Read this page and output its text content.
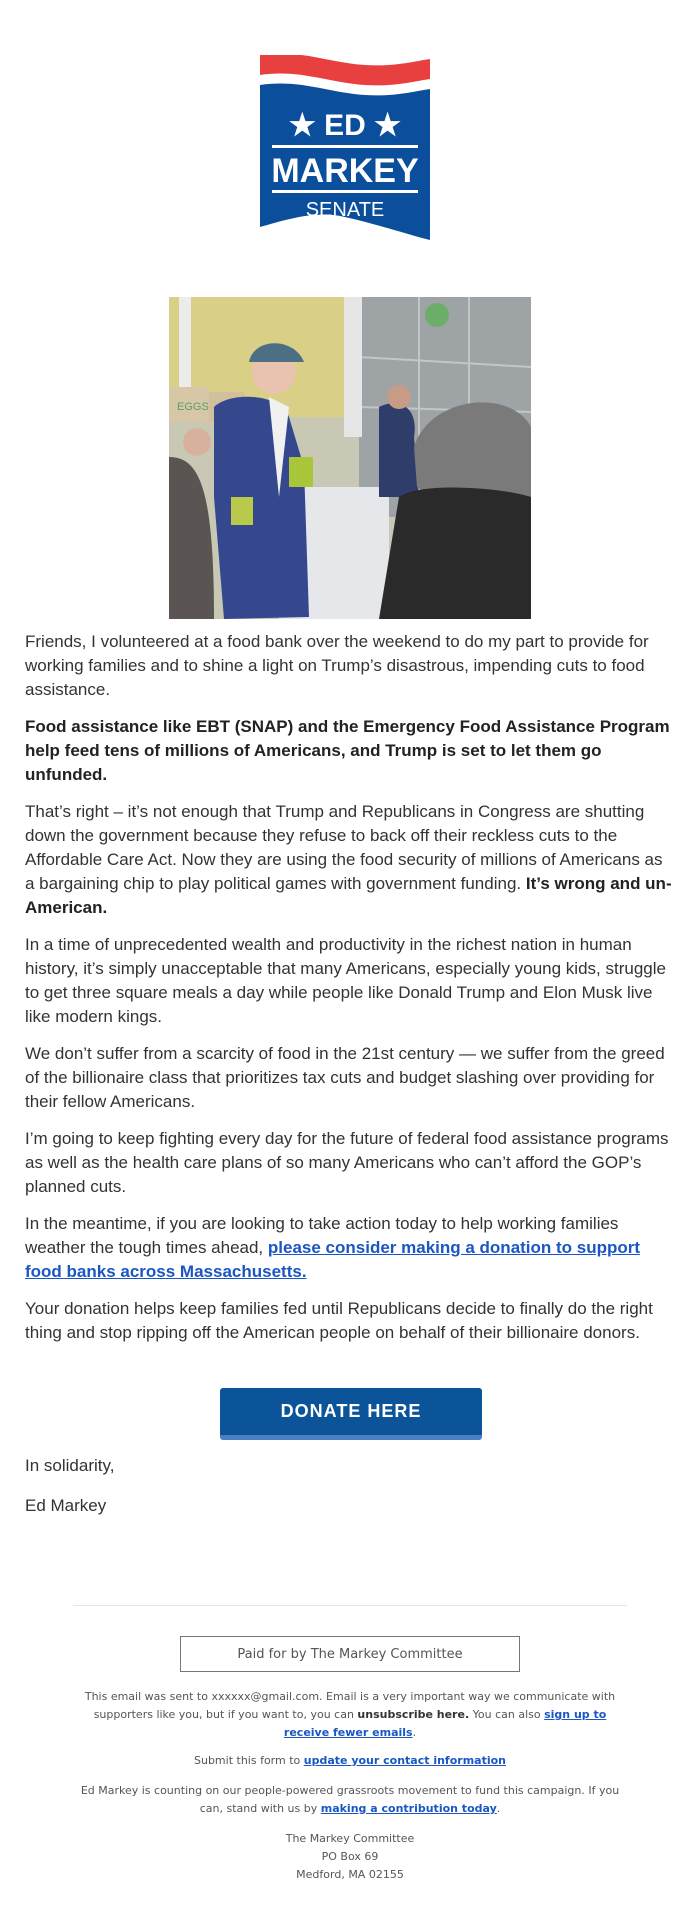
★ ED ★
MARKEY
SENATE
EGGS

Friends, I volunteered at a food bank over the weekend to do my part to provide for working families and to shine a light on Trump’s disastrous, impending cuts to food assistance.

Food assistance like EBT (SNAP) and the Emergency Food Assistance Program help feed tens of millions of Americans, and Trump is set to let them go unfunded.

That’s right – it’s not enough that Trump and Republicans in Congress are shutting down the government because they refuse to back off their reckless cuts to the Affordable Care Act. Now they are using the food security of millions of Americans as a bargaining chip to play political games with government funding. It’s wrong and un-American.

In a time of unprecedented wealth and productivity in the richest nation in human history, it’s simply unacceptable that many Americans, especially young kids, struggle to get three square meals a day while people like Donald Trump and Elon Musk live like modern kings.

We don’t suffer from a scarcity of food in the 21st century — we suffer from the greed of the billionaire class that prioritizes tax cuts and budget slashing over providing for their fellow Americans.

I’m going to keep fighting every day for the future of federal food assistance programs as well as the health care plans of so many Americans who can’t afford the GOP’s planned cuts.

In the meantime, if you are looking to take action today to help working families weather the tough times ahead, please consider making a donation to support food banks across Massachusetts.

Your donation helps keep families fed until Republicans decide to finally do the right thing and stop ripping off the American people on behalf of their billionaire donors.

DONATE HERE
In solidarity,
Ed Markey
Paid for by The Markey Committee
This email was sent to xxxxxx@gmail.com. Email is a very important way we communicate with supporters like you, but if you want to, you can unsubscribe here. You can also sign up to receive fewer emails.
Submit this form to update your contact information
Ed Markey is counting on our people-powered grassroots movement to fund this campaign. If you can, stand with us by making a contribution today.
The Markey Committee
PO Box 69
Medford, MA 02155
